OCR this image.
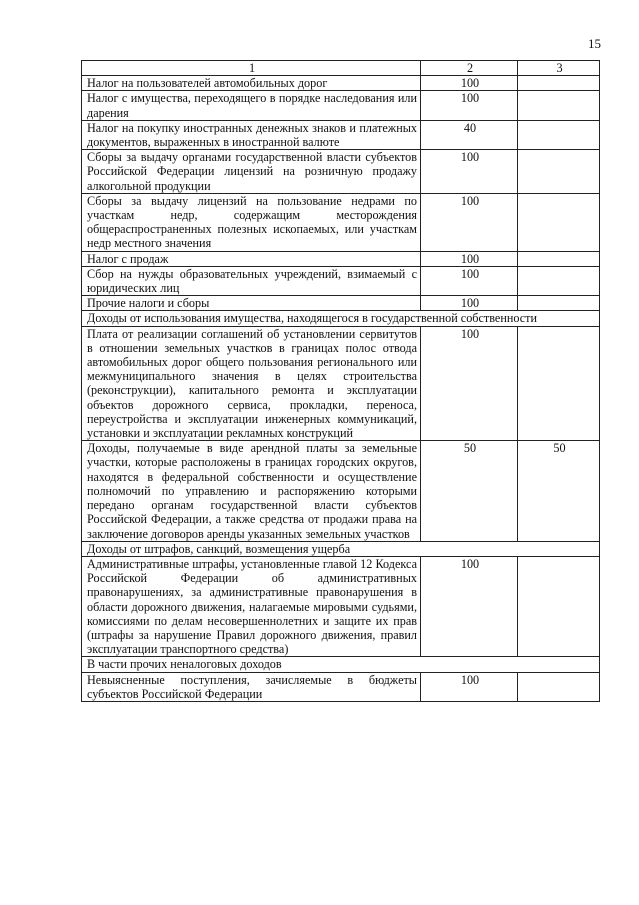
15
1	2	3
Налог на пользователей автомобильных дорог	100	
Налог с имущества, переходящего в порядке наследования или дарения	100	
Налог на покупку иностранных денежных знаков и платежных документов, выраженных в иностранной валюте	40	
Сборы за выдачу органами государственной власти субъектов Российской Федерации лицензий на розничную продажу алкогольной продукции	100	
Сборы за выдачу лицензий на пользование недрами по участкам недр, содержащим месторождения общераспространенных полезных ископаемых, или участкам недр местного значения	100	
Налог с продаж	100	
Сбор на нужды образовательных учреждений, взимаемый с юридических лиц	100	
Прочие налоги и сборы	100	
Доходы от использования имущества, находящегося в государственной собственности		
Плата от реализации соглашений об установлении сервитутов в отношении земельных участков в границах полос отвода автомобильных дорог общего пользования регионального или межмуниципального значения в целях строительства (реконструкции), капитального ремонта и эксплуатации объектов дорожного сервиса, прокладки, переноса, переустройства и эксплуатации инженерных коммуникаций, установки и эксплуатации рекламных конструкций	100	
Доходы, получаемые в виде арендной платы за земельные участки, которые расположены в границах городских округов, находятся в федеральной собственности и осуществление полномочий по управлению и распоряжению которыми передано органам государственной власти субъектов Российской Федерации, а также средства от продажи права на заключение договоров аренды указанных земельных участков	50	50
Доходы от штрафов, санкций, возмещения ущерба		
Административные штрафы, установленные главой 12 Кодекса Российской Федерации об административных правонарушениях, за административные правонарушения в области дорожного движения, налагаемые мировыми судьями, комиссиями по делам несовершеннолетних и защите их прав (штрафы за нарушение Правил дорожного движения, правил эксплуатации транспортного средства)	100	
В части прочих неналоговых доходов		
Невыясненные поступления, зачисляемые в бюджеты субъектов Российской Федерации	100	
